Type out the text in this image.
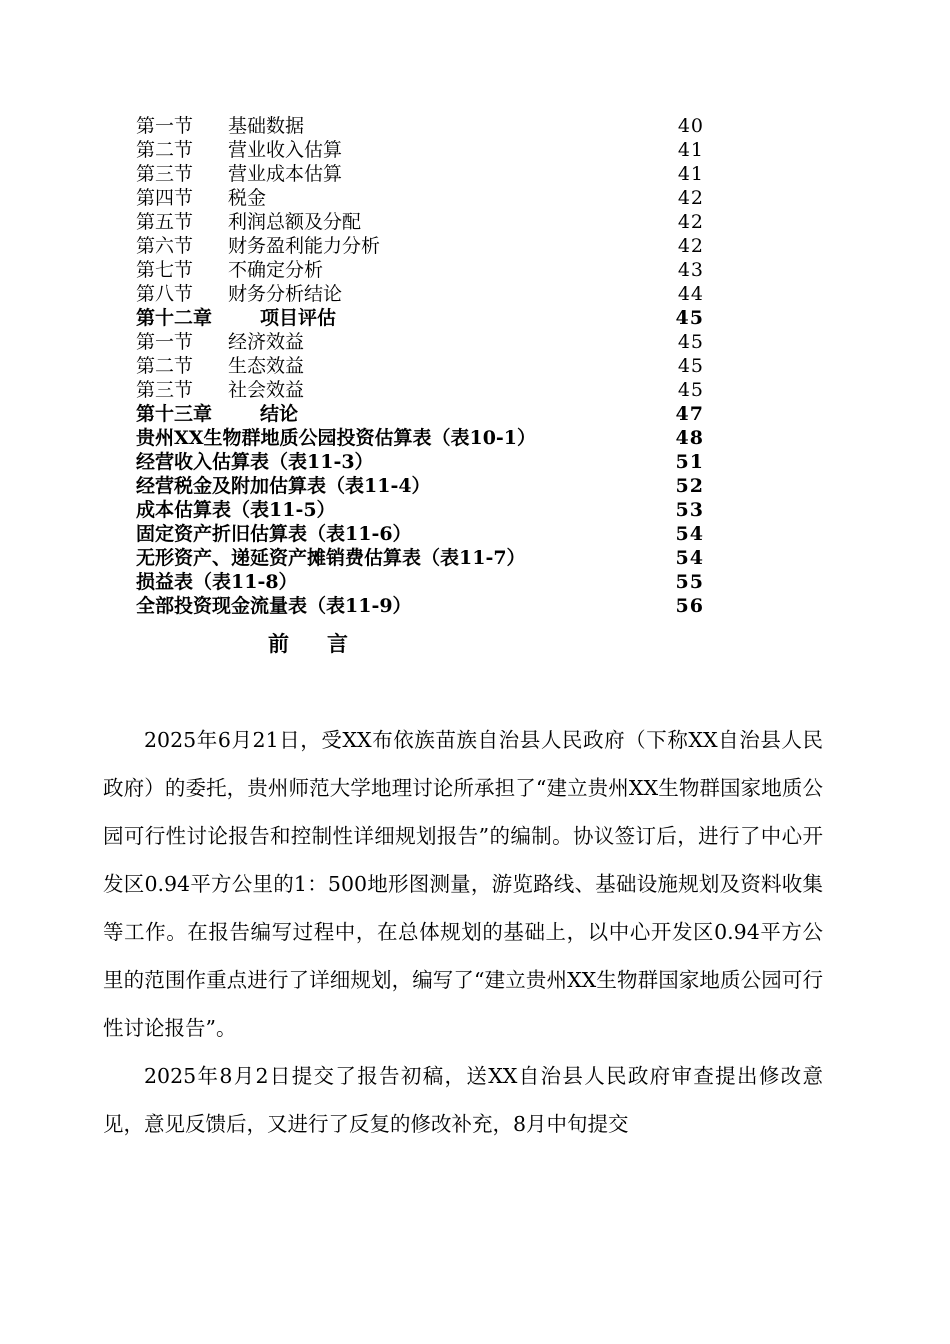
第一节 基础数据	40
第二节 营业收入估算	41
第三节 营业成本估算	41
第四节 税金	42
第五节 利润总额及分配	42
第六节 财务盈利能力分析	42
第七节 不确定分析	43
第八节 财务分析结论	44
第十二章	项目评估	45
第一节 经济效益	45
第二节 生态效益	45
第三节 社会效益	45
第十三章	结论	47
贵州XX生物群地质公园投资估算表（表10-1）	48
经营收入估算表（表11-3）	51
经营税金及附加估算表（表11-4）	52
成本估算表（表11-5）	53
固定资产折旧估算表（表11-6）	54
无形资产、递延资产摊销费估算表（表11-7）	54
损益表（表11-8）	55
全部投资现金流量表（表11-9）	56
前言

2025年6月21日，受XX布依族苗族自治县人民政府（下称XX自治县人民政府）的委托，贵州师范大学地理讨论所承担了“建立贵州XX生物群国家地质公园可行性讨论报告和控制性详细规划报告”的编制。协议签订后，进行了中心开发区0.94平方公里的1：500地形图测量，游览路线、基础设施规划及资料收集等工作。在报告编写过程中，在总体规划的基础上，以中心开发区0.94平方公里的范围作重点进行了详细规划，编写了“建立贵州XX生物群国家地质公园可行性讨论报告”。

2025年8月2日提交了报告初稿，送XX自治县人民政府审查提出修改意见，意见反馈后，又进行了反复的修改补充，8月中旬提交
